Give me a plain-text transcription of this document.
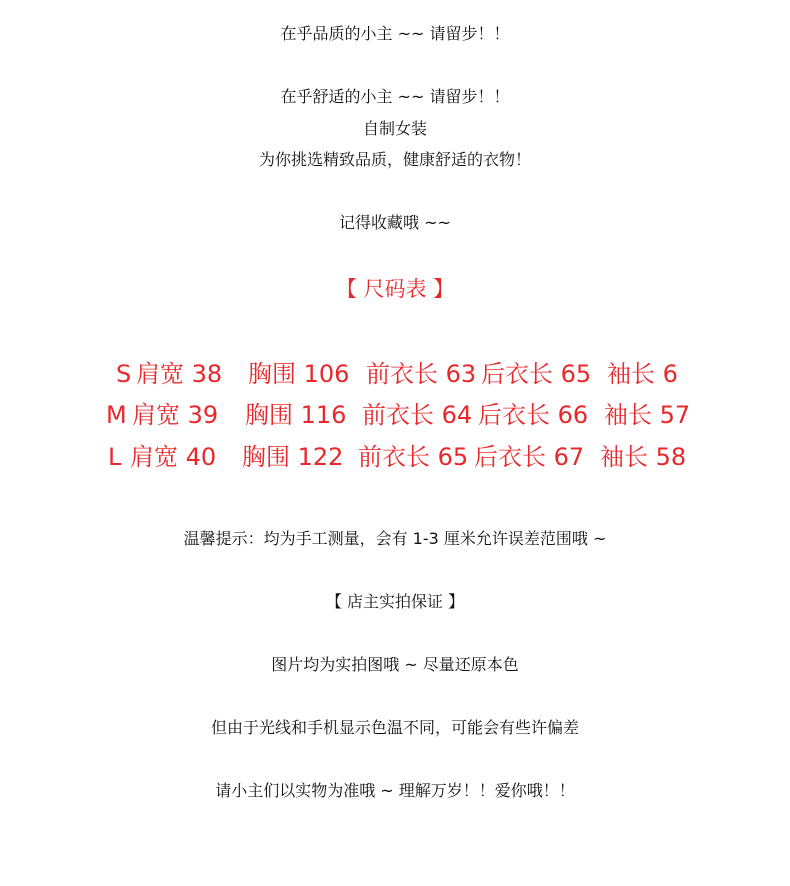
在乎品质的小主 ~~ 请留步！！
在乎舒适的小主 ~~ 请留步！！
自制女装
为你挑选精致品质，健康舒适的衣物！
记得收藏哦 ~~
【 尺码表 】
S 肩宽 38 胸围 106 前衣长 63 后衣长 65 袖长 6
M 肩宽 39 胸围 116 前衣长 64 后衣长 66 袖长 57
L 肩宽 40 胸围 122 前衣长 65 后衣长 67 袖长 58
温馨提示：均为手工测量，会有 1-3 厘米允许误差范围哦 ~
【 店主实拍保证 】
图片均为实拍图哦 ~ 尽量还原本色
但由于光线和手机显示色温不同，可能会有些许偏差
请小主们以实物为准哦 ~ 理解万岁！！爱你哦！！
